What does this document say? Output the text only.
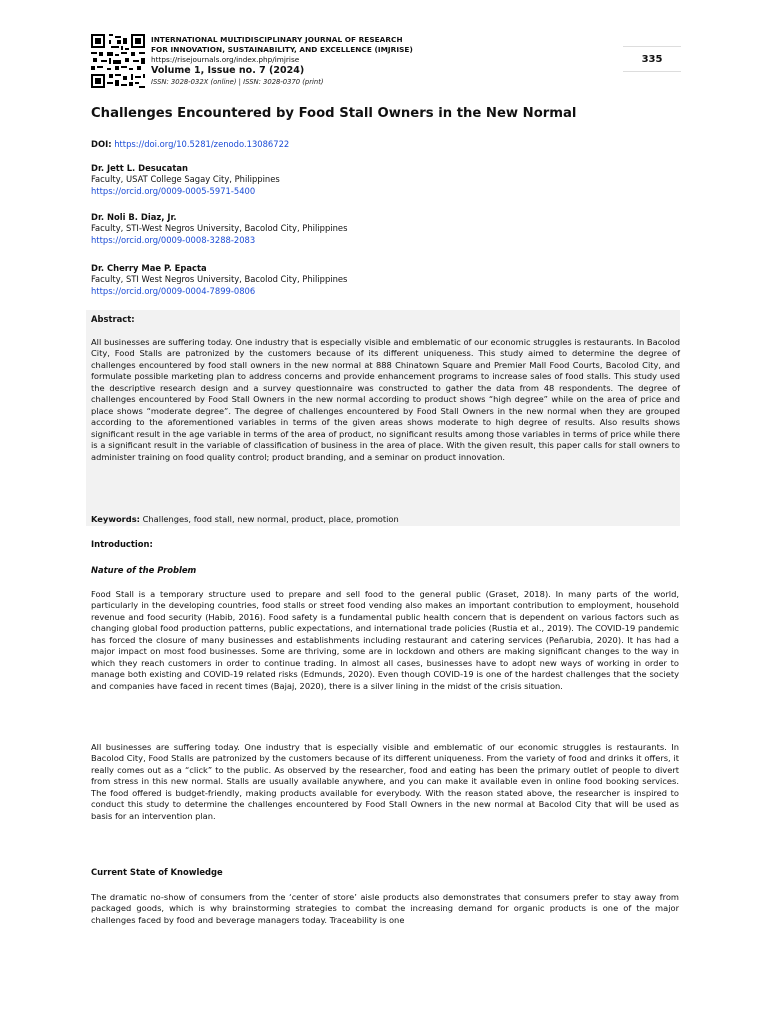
INTERNATIONAL MULTIDISCIPLINARY JOURNAL OF RESEARCH
FOR INNOVATION, SUSTAINABILITY, AND EXCELLENCE (IMJRISE)
https://risejournals.org/index.php/imjrise
Volume 1, Issue no. 7 (2024)
ISSN: 3028-032X (online) | ISSN: 3028-0370 (print)
335
Challenges Encountered by Food Stall Owners in the New Normal
DOI: https://doi.org/10.5281/zenodo.13086722
Dr. Jett L. Desucatan
Faculty, USAT College Sagay City, Philippines
https://orcid.org/0009-0005-5971-5400
Dr. Noli B. Diaz, Jr.
Faculty, STI-West Negros University, Bacolod City, Philippines
https://orcid.org/0009-0008-3288-2083
Dr. Cherry Mae P. Epacta
Faculty, STI West Negros University, Bacolod City, Philippines
https://orcid.org/0009-0004-7899-0806
Abstract:
All businesses are suffering today. One industry that is especially visible and emblematic of our economic struggles is restaurants. In Bacolod City, Food Stalls are patronized by the customers because of its different uniqueness. This study aimed to determine the degree of challenges encountered by food stall owners in the new normal at 888 Chinatown Square and Premier Mall Food Courts, Bacolod City, and formulate possible marketing plan to address concerns and provide enhancement programs to increase sales of food stalls. This study used the descriptive research design and a survey questionnaire was constructed to gather the data from 48 respondents. The degree of challenges encountered by Food Stall Owners in the new normal according to product shows “high degree” while on the area of price and place shows “moderate degree”. The degree of challenges encountered by Food Stall Owners in the new normal when they are grouped according to the aforementioned variables in terms of the given areas shows moderate to high degree of results. Also results shows significant result in the age variable in terms of the area of product, no significant results among those variables in terms of price while there is a significant result in the variable of classification of business in the area of place. With the given result, this paper calls for stall owners to administer training on food quality control; product branding, and a seminar on product innovation.
Keywords: Challenges, food stall, new normal, product, place, promotion
Introduction:
Nature of the Problem
Food Stall is a temporary structure used to prepare and sell food to the general public (Graset, 2018). In many parts of the world, particularly in the developing countries, food stalls or street food vending also makes an important contribution to employment, household revenue and food security (Habib, 2016). Food safety is a fundamental public health concern that is dependent on various factors such as changing global food production patterns, public expectations, and international trade policies (Rustia et al., 2019). The COVID-19 pandemic has forced the closure of many businesses and establishments including restaurant and catering services (Peñarubia, 2020). It has had a major impact on most food businesses. Some are thriving, some are in lockdown and others are making significant changes to the way in which they reach customers in order to continue trading. In almost all cases, businesses have to adopt new ways of working in order to manage both existing and COVID-19 related risks (Edmunds, 2020). Even though COVID-19 is one of the hardest challenges that the society and companies have faced in recent times (Bajaj, 2020), there is a silver lining in the midst of the crisis situation.
All businesses are suffering today. One industry that is especially visible and emblematic of our economic struggles is restaurants. In Bacolod City, Food Stalls are patronized by the customers because of its different uniqueness. From the variety of food and drinks it offers, it really comes out as a “click” to the public. As observed by the researcher, food and eating has been the primary outlet of people to divert from stress in this new normal. Stalls are usually available anywhere, and you can make it available even in online food booking services. The food offered is budget-friendly, making products available for everybody. With the reason stated above, the researcher is inspired to conduct this study to determine the challenges encountered by Food Stall Owners in the new normal at Bacolod City that will be used as basis for an intervention plan.
Current State of Knowledge
The dramatic no-show of consumers from the ‘center of store’ aisle products also demonstrates that consumers prefer to stay away from packaged goods, which is why brainstorming strategies to combat the increasing demand for organic products is one of the major challenges faced by food and beverage managers today. Traceability is one
